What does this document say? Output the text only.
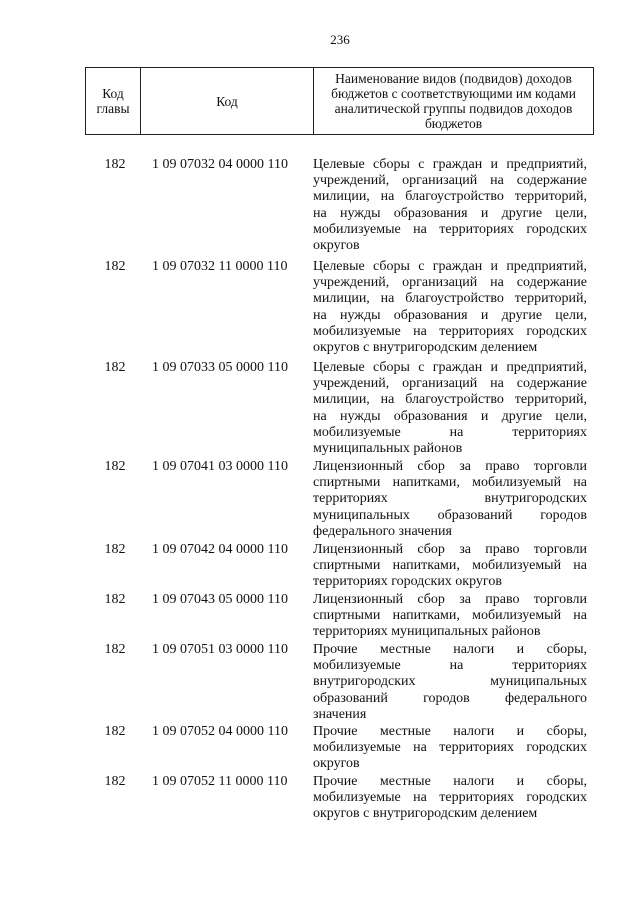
236
Код
главы	Код	Наименование видов (подвидов) доходов бюджетов с соответствующими им кодами аналитической группы подвидов доходов бюджетов
182	1 09 07032 04 0000 110	Целевые сборы с граждан и предприятий,
учреждений, организаций на содержание
милиции, на благоустройство территорий,
на нужды образования и другие цели,
мобилизуемые на территориях городских
округов
182	1 09 07032 11 0000 110	Целевые сборы с граждан и предприятий,
учреждений, организаций на содержание
милиции, на благоустройство территорий,
на нужды образования и другие цели,
мобилизуемые на территориях городских
округов с внутригородским делением
182	1 09 07033 05 0000 110	Целевые сборы с граждан и предприятий,
учреждений, организаций на содержание
милиции, на благоустройство территорий,
на нужды образования и другие цели,
мобилизуемые на территориях
муниципальных районов
182	1 09 07041 03 0000 110	Лицензионный сбор за право торговли
спиртными напитками, мобилизуемый на
территориях внутригородских
муниципальных образований городов
федерального значения
182	1 09 07042 04 0000 110	Лицензионный сбор за право торговли
спиртными напитками, мобилизуемый на
территориях городских округов
182	1 09 07043 05 0000 110	Лицензионный сбор за право торговли
спиртными напитками, мобилизуемый на
территориях муниципальных районов
182	1 09 07051 03 0000 110	Прочие местные налоги и сборы,
мобилизуемые на территориях
внутригородских муниципальных
образований городов федерального
значения
182	1 09 07052 04 0000 110	Прочие местные налоги и сборы,
мобилизуемые на территориях городских
округов
182	1 09 07052 11 0000 110	Прочие местные налоги и сборы,
мобилизуемые на территориях городских
округов с внутригородским делением
